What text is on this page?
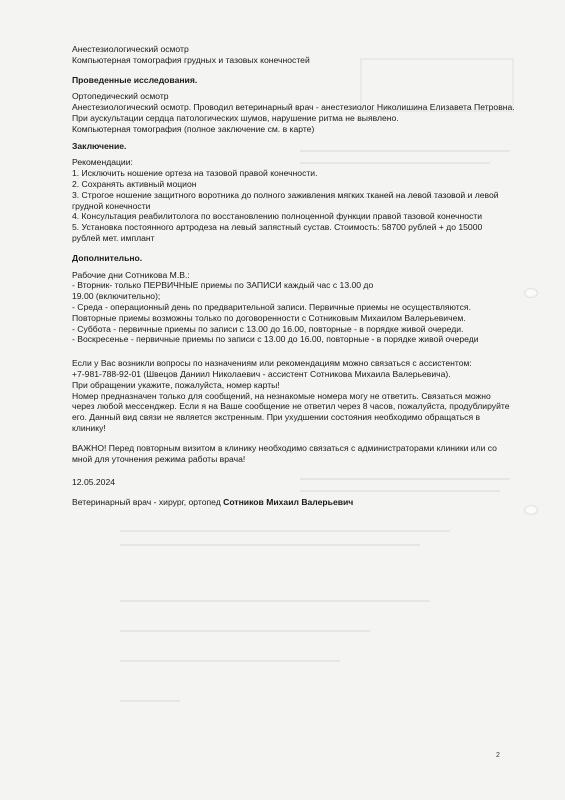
Анестезиологический осмотр
Компьютерная томография грудных и тазовых конечностей
Проведенные исследования.
Ортопедический осмотр
Анестезиологический осмотр. Проводил ветеринарный врач - анестезиолог Николишина Елизавета Петровна.
При аускультации сердца патологических шумов, нарушение ритма не выявлено.
Компьютерная томография (полное заключение см. в карте)
Заключение.
Рекомендации:
1. Исключить ношение ортеза на тазовой правой конечности.
2. Сохранять активный моцион
3. Строгое ношение защитного воротника до полного заживления мягких тканей на левой тазовой и левой грудной конечности
4. Консультация реабилитолога по восстановлению полноценной функции правой тазовой конечности
5. Установка постоянного артродеза на левый запястный сустав. Стоимость: 58700 рублей + до 15000 рублей мет. имплант
Дополнительно.
Рабочие дни Сотникова М.В.:
- Вторник- только ПЕРВИЧНЫЕ приемы по ЗАПИСИ каждый час с 13.00 до 19.00 (включительно);
- Среда - операционный день по предварительной записи. Первичные приемы не осуществляются. Повторные приемы возможны только по договоренности с Сотниковым Михаилом Валерьевичем.
- Суббота - первичные приемы по записи с 13.00 до 16.00, повторные - в порядке живой очереди.
- Воскресенье - первичные приемы по записи с 13.00 до 16.00, повторные - в порядке живой очереди
Если у Вас возникли вопросы по назначениям или рекомендациям можно связаться с ассистентом:
+7-981-788-92-01 (Швецов Даниил Николаевич - ассистент Сотникова Михаила Валерьевича).
При обращении укажите, пожалуйста, номер карты!
Номер предназначен только для сообщений, на незнакомые номера могу не ответить. Связаться можно через любой мессенджер. Если я на Ваше сообщение не ответил через 8 часов, пожалуйста, продублируйте его. Данный вид связи не является экстренным. При ухудшении состояния необходимо обращаться в клинику!
ВАЖНО! Перед повторным визитом в клинику необходимо связаться с администраторами клиники или со мной для уточнения режима работы врача!
12.05.2024
Ветеринарный врач - хирург, ортопед Сотников Михаил Валерьевич
2
